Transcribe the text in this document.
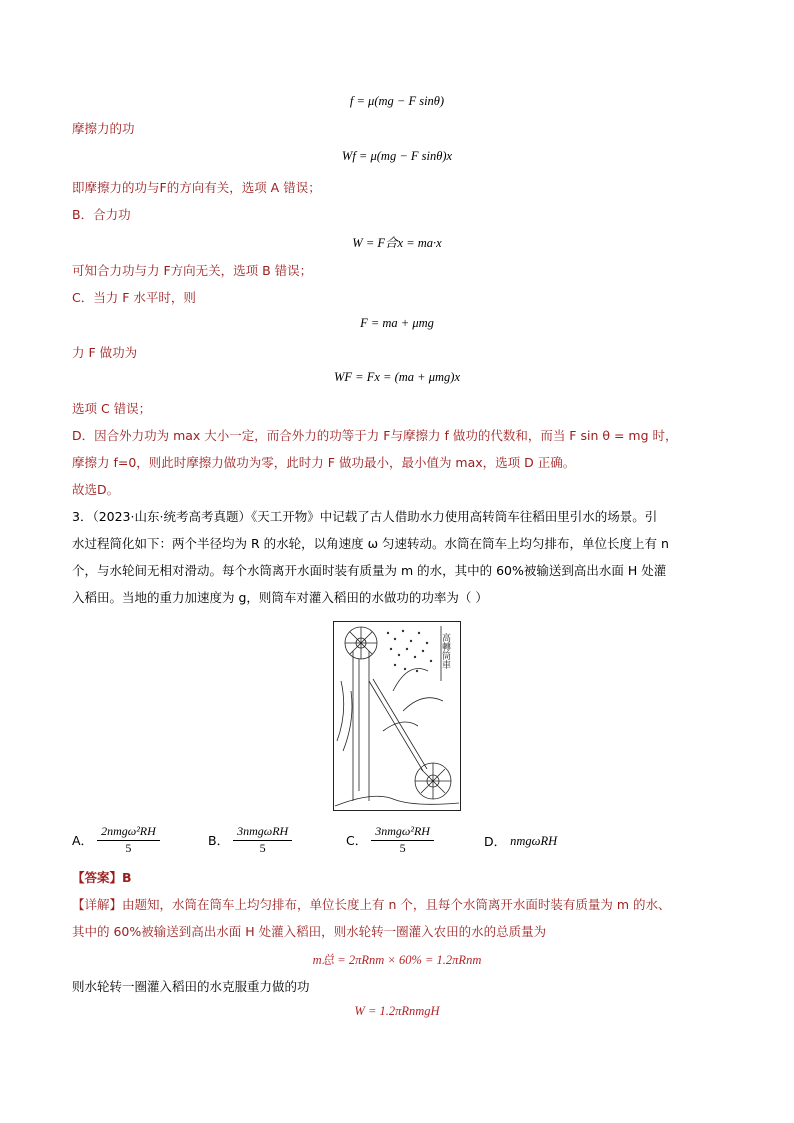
f = μ(mg − F sinθ)
摩擦力的功
Wf = μ(mg − F sinθ)x
即摩擦力的功与F的方向有关，选项 A 错误；
B．合力功
W = F合x = ma·x
可知合力功与力 F方向无关，选项 B 错误；
C．当力 F 水平时，则
F = ma + μmg
力 F 做功为
WF = Fx = (ma + μmg)x
选项 C 错误；
D．因合外力功为 max 大小一定，而合外力的功等于力 F与摩擦力 f 做功的代数和，而当 F sin θ = mg 时，
摩擦力 f=0，则此时摩擦力做功为零，此时力 F 做功最小，最小值为 max，选项 D 正确。
故选D。
3．（2023·山东·统考高考真题）《天工开物》中记载了古人借助水力使用高转筒车往稻田里引水的场景。引
水过程简化如下：两个半径均为 R 的水轮，以角速度 ω 匀速转动。水筒在筒车上均匀排布，单位长度上有 n
个，与水轮间无相对滑动。每个水筒离开水面时装有质量为 m 的水，其中的 60%被输送到高出水面 H 处灌
入稻田。当地的重力加速度为 g，则筒车对灌入稻田的水做功的功率为（ ）
高轉筒車
A． $\frac{\text{2nmgω²RH}}{5}$	B． $\frac{\text{3nmgωRH}}{5}$	C． $\frac{\text{3nmgω²RH}}{5}$	D． nmgωRH
【答案】B
【详解】由题知，水筒在筒车上均匀排布，单位长度上有 n 个，且每个水筒离开水面时装有质量为 m 的水、
其中的 60%被输送到高出水面 H 处灌入稻田，则水轮转一圈灌入农田的水的总质量为
m总 = 2πRnm × 60% = 1.2πRnm
则水轮转一圈灌入稻田的水克服重力做的功
W = 1.2πRnmgH
